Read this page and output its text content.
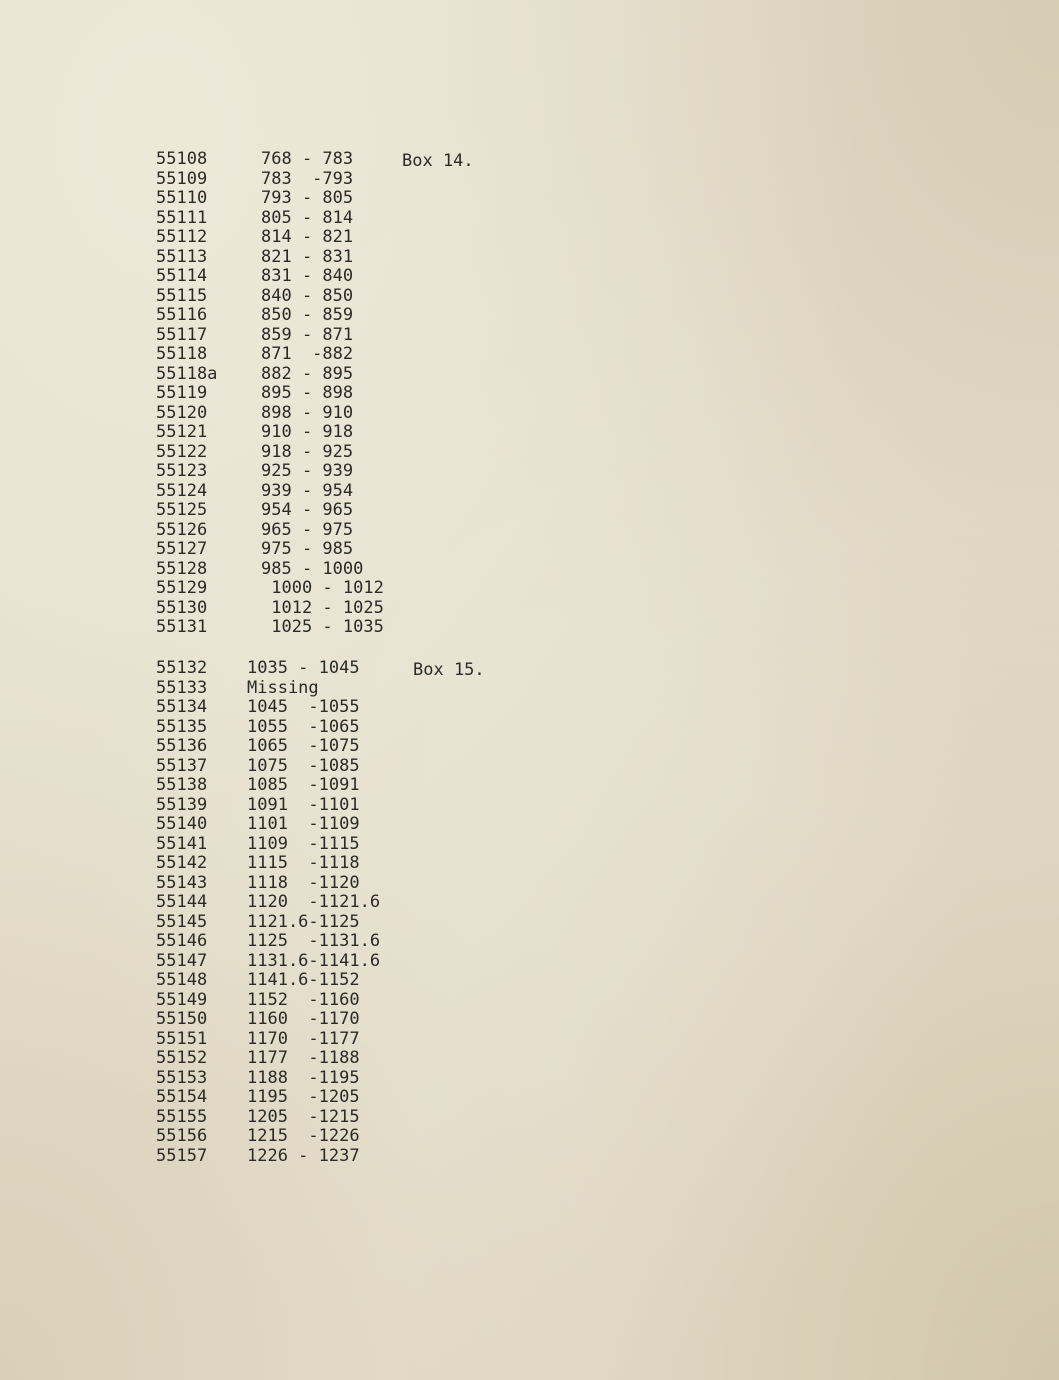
Box 14.
55108	768 - 783
55109	783  -793
55110	793 - 805
55111	805 - 814
55112	814 - 821
55113	821 - 831
55114	831 - 840
55115	840 - 850
55116	850 - 859
55117	859 - 871
55118	871  -882
55118a	882 - 895
55119	895 - 898
55120	898 - 910
55121	910 - 918
55122	918 - 925
55123	925 - 939
55124	939 - 954
55125	954 - 965
55126	965 - 975
55127	975 - 985
55128	985 - 1000
55129	1000 - 1012
55130	1012 - 1025
55131	1025 - 1035
Box 15.
55132 1035 - 1045
55133 Missing
55134 1045  -1055
55135 1055  -1065
55136 1065  -1075
55137 1075  -1085
55138 1085  -1091
55139 1091  -1101
55140 1101  -1109
55141 1109  -1115
55142 1115  -1118
55143 1118  -1120
55144 1120  -1121.6
55145 1121.6-1125
55146 1125  -1131.6
55147 1131.6-1141.6
55148 1141.6-1152
55149 1152  -1160
55150 1160  -1170
55151 1170  -1177
55152 1177  -1188
55153 1188  -1195
55154 1195  -1205
55155 1205  -1215
55156 1215  -1226
55157 1226 - 1237
